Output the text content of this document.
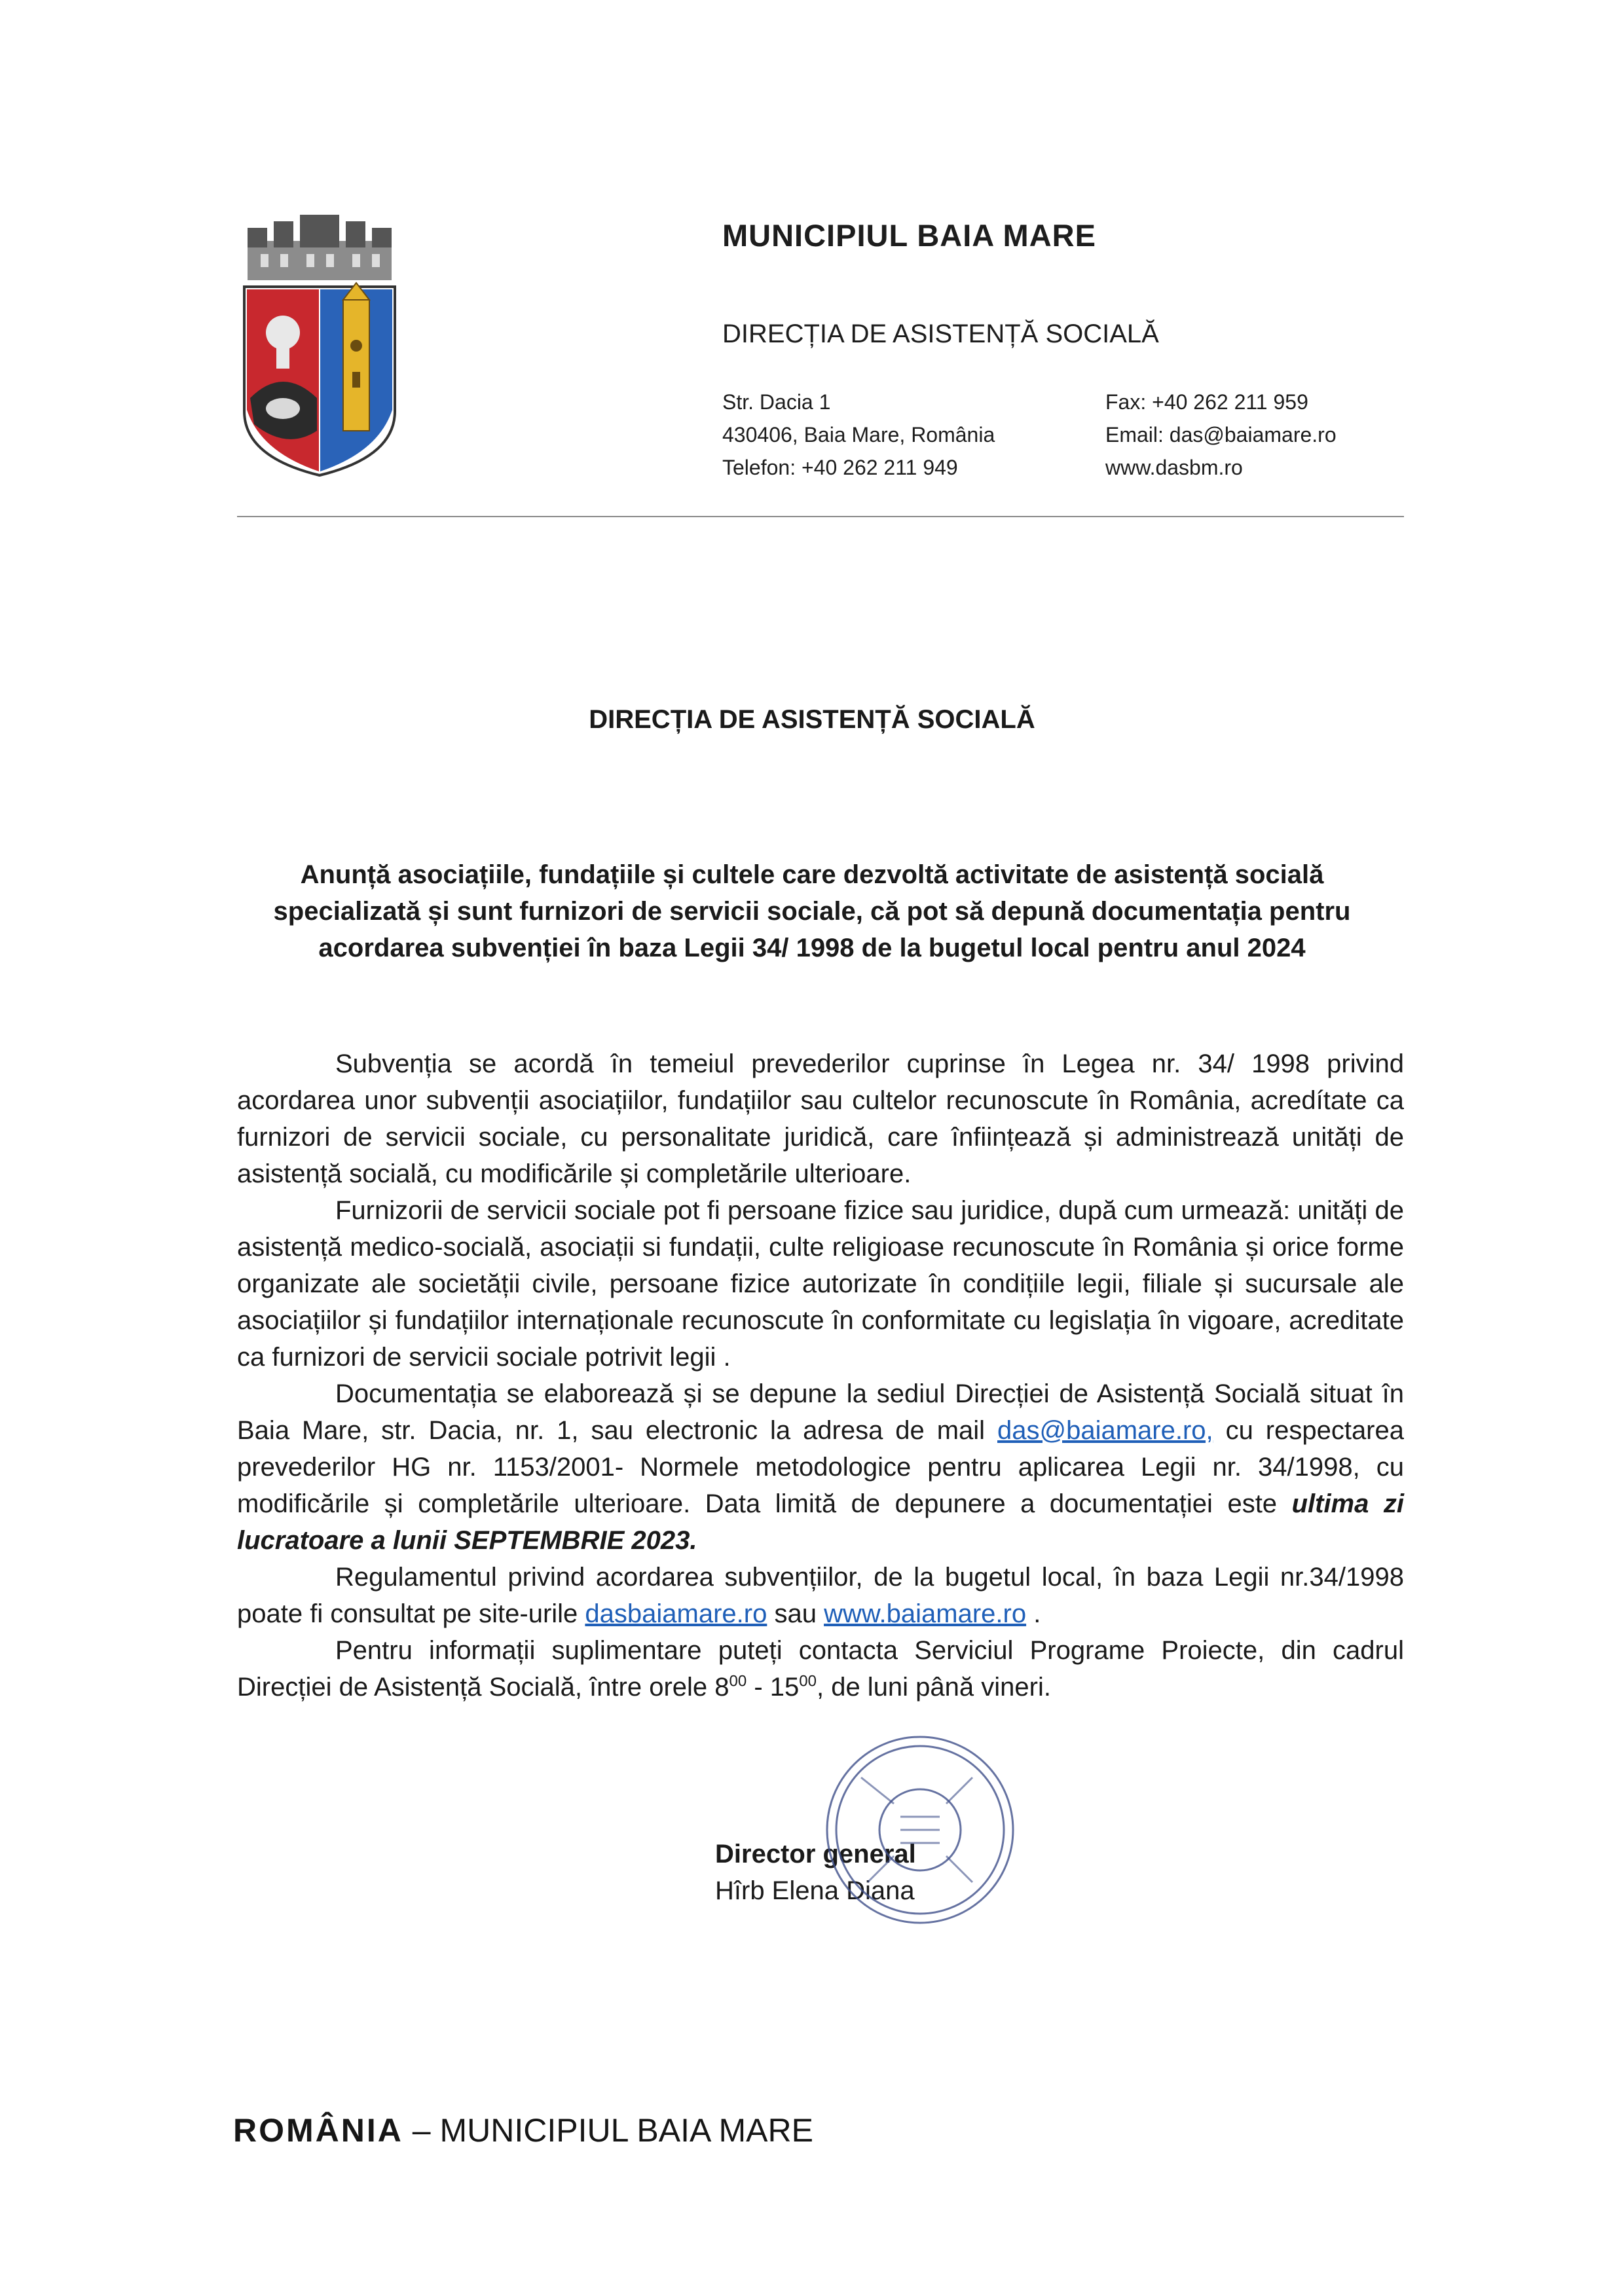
MUNICIPIUL BAIA MARE
DIRECȚIA DE ASISTENȚĂ SOCIALĂ
Str. Dacia 1
430406, Baia Mare, România
Telefon: +40 262 211 949
Fax: +40 262 211 959
Email: das@baiamare.ro
www.dasbm.ro
DIRECȚIA DE ASISTENȚĂ SOCIALĂ
Anunță asociațiile, fundațiile și cultele care dezvoltă activitate de asistență socială specializată și sunt furnizori de servicii sociale, că pot să depună documentația pentru acordarea subvenției în baza Legii 34/ 1998 de la bugetul local pentru anul 2024

Subvenția se acordă în temeiul prevederilor cuprinse în Legea nr. 34/ 1998 privind acordarea unor subvenții asociațiilor, fundațiilor sau cultelor recunoscute în România, acredítate ca furnizori de servicii sociale, cu personalitate juridică, care înființează și administrează unități de asistență socială, cu modificările și completările ulterioare.

Furnizorii de servicii sociale pot fi persoane fizice sau juridice, după cum urmează: unități de asistență medico-socială, asociații si fundații, culte religioase recunoscute în România și orice forme organizate ale societății civile, persoane fizice autorizate în condițiile legii, filiale și sucursale ale asociațiilor și fundațiilor internaționale recunoscute în conformitate cu legislația în vigoare, acreditate ca furnizori de servicii sociale potrivit legii .

Documentația se elaborează și se depune la sediul Direcției de Asistență Socială situat în Baia Mare, str. Dacia, nr. 1, sau electronic la adresa de mail das@baiamare.ro, cu respectarea prevederilor HG nr. 1153/2001- Normele metodologice pentru aplicarea Legii nr. 34/1998, cu modificările și completările ulterioare. Data limită de depunere a documentației este ultima zi lucratoare a lunii SEPTEMBRIE 2023.

Regulamentul privind acordarea subvențiilor, de la bugetul local, în baza Legii nr.34/1998 poate fi consultat pe site-urile dasbaiamare.ro sau www.baiamare.ro .

Pentru informații suplimentare puteți contacta Serviciul Programe Proiecte, din cadrul Direcției de Asistență Socială, între orele $8^{00} - 15^{00}$, de luni până vineri.

Director general
Hîrb Elena Diana
ROMÂNIA – MUNICIPIUL BAIA MARE
